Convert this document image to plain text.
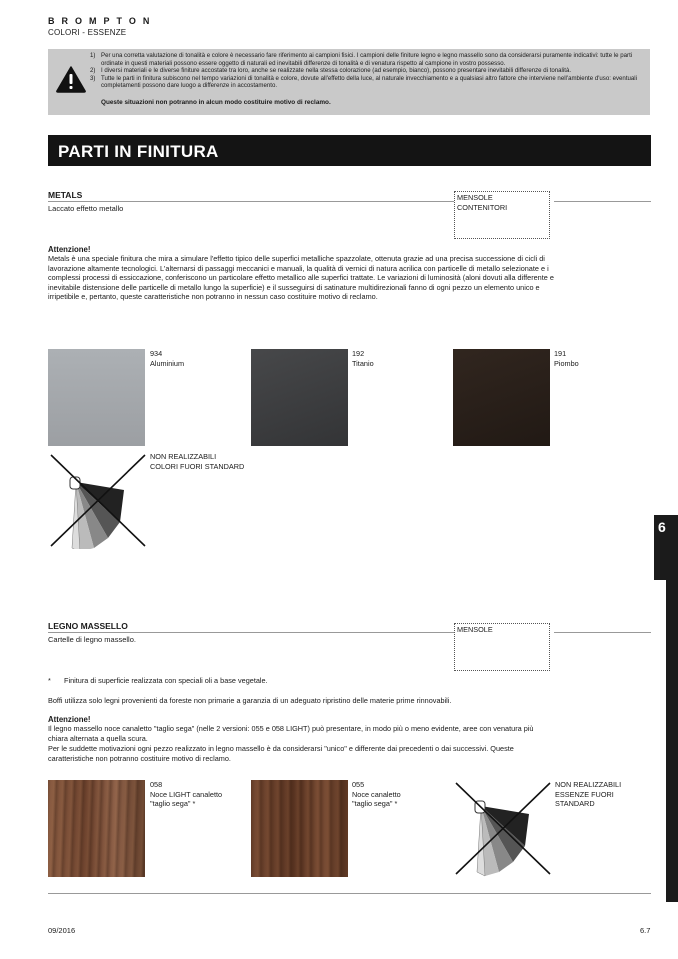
BROMPTON
COLORI - ESSENZE
1) Per una corretta valutazione di tonalità e colore è necessario fare riferimento ai campioni fisici. I campioni delle finiture legno e legno massello sono da considerarsi puramente indicativi: tutte le parti ordinate in questi materiali possono essere oggetto di naturali ed inevitabili differenze di tonalità e di venatura rispetto al campione in vostro possesso.
2) I diversi materiali e le diverse finiture accostate tra loro, anche se realizzate nella stessa colorazione (ad esempio, bianco), possono presentare inevitabili differenze di tonalità.
3) Tutte le parti in finitura subiscono nel tempo variazioni di tonalità e colore, dovute all'effetto della luce, al naturale invecchiamento e a qualsiasi altro fattore che interviene nell'ambiente d'uso: eventuali completamenti possono dare luogo a differenze in accostamento.
Queste situazioni non potranno in alcun modo costituire motivo di reclamo.
PARTI IN FINITURA
METALS
Laccato effetto metallo
MENSOLE
CONTENITORI
Attenzione!

Metals è una speciale finitura che mira a simulare l'effetto tipico delle superfici metalliche spazzolate, ottenuta grazie ad una precisa successione di cicli di lavorazione altamente tecnologici. L'alternarsi di passaggi meccanici e manuali, la qualità di vernici di natura acrilica con particelle di metallo selezionate e i complessi processi di essiccazione, conferiscono un particolare effetto metallico alle superfici trattate. Le variazioni di luminosità (aloni dovuti alla differente e inevitabile distensione delle particelle di metallo lungo la superficie) e il susseguirsi di satinature multidirezionali fanno di ogni pezzo un elemento unico e irripetibile e, pertanto, queste caratteristiche non potranno in nessun caso costituire motivo di reclamo.

934
Aluminium
192
Titanio
191
Piombo
NON REALIZZABILI
COLORI FUORI STANDARD
6
LEGNO MASSELLO
Cartelle di legno massello.
MENSOLE
* Finitura di superficie realizzata con speciali oli a base vegetale.
Boffi utilizza solo legni provenienti da foreste non primarie a garanzia di un adeguato ripristino delle materie prime rinnovabili.
Attenzione!

Il legno massello noce canaletto "taglio sega" (nelle 2 versioni: 055 e 058 LIGHT) può presentare, in modo più o meno evidente, aree con venatura più chiara alternata a quella scura.

Per le suddette motivazioni ogni pezzo realizzato in legno massello è da considerarsi "unico" e differente dai precedenti o dai successivi. Queste caratteristiche non potranno costituire motivo di reclamo.

058
Noce LIGHT canaletto
"taglio sega" *
055
Noce canaletto
"taglio sega" *
NON REALIZZABILI
ESSENZE FUORI
STANDARD
09/2016	6.7
